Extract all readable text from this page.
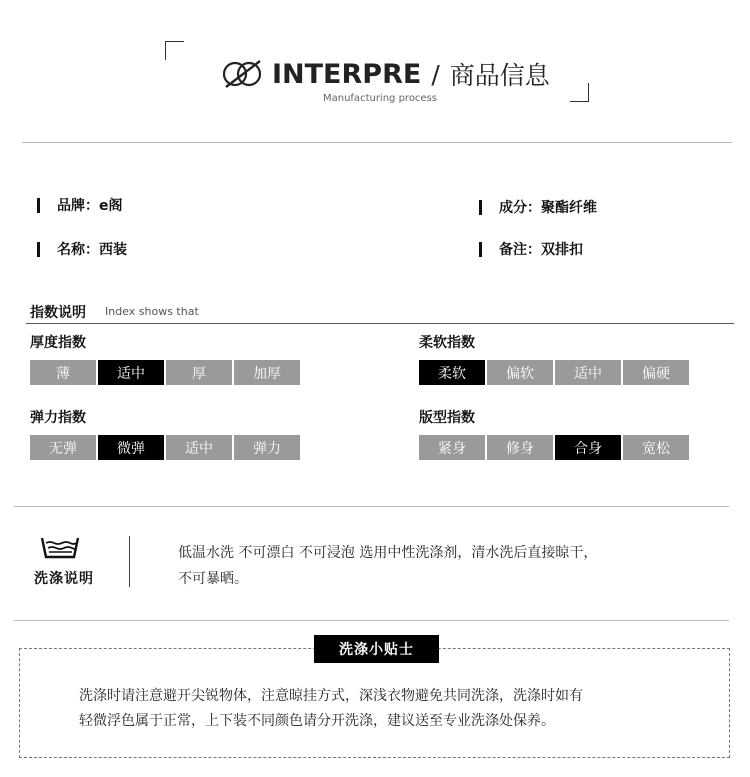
INTERPRE / 商品信息
Manufacturing process
品牌：e阁	成分：聚酯纤维
名称：西装	备注：双排扣
指数说明 Index shows that
厚度指数
薄	适中	厚	加厚
柔软指数
柔软	偏软	适中	偏硬
弹力指数
无弹	微弹	适中	弹力
版型指数
紧身	修身	合身	宽松
洗涤说明
低温水洗 不可漂白 不可浸泡 选用中性洗涤剂，清水洗后直接晾干，
不可暴晒。
洗涤小贴士
洗涤时请注意避开尖锐物体，注意晾挂方式，深浅衣物避免共同洗涤，洗涤时如有
轻微浮色属于正常，上下装不同颜色请分开洗涤，建议送至专业洗涤处保养。
